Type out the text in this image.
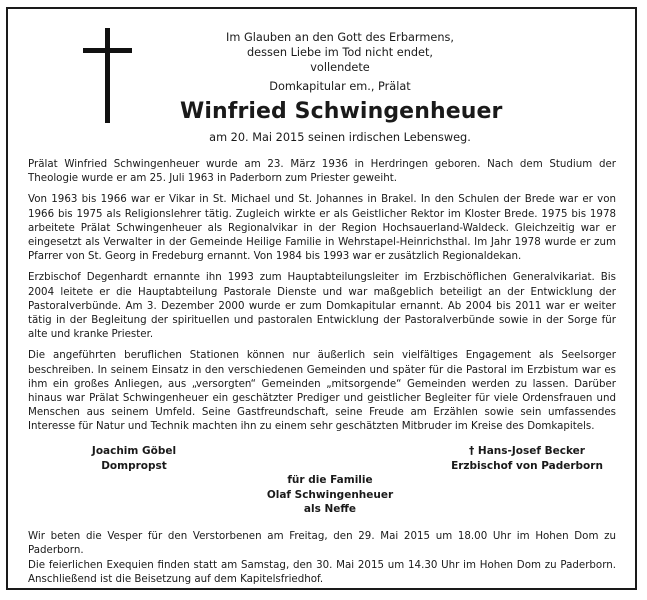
Im Glauben an den Gott des Erbarmens,
dessen Liebe im Tod nicht endet,
vollendete
Domkapitular em., Prälat
Winfried Schwingenheuer
am 20. Mai 2015 seinen irdischen Lebensweg.

Prälat Winfried Schwingenheuer wurde am 23. März 1936 in Herdringen geboren. Nach dem Studium der Theologie wurde er am 25. Juli 1963 in Paderborn zum Priester geweiht.

Von 1963 bis 1966 war er Vikar in St. Michael und St. Johannes in Brakel. In den Schulen der Brede war er von 1966 bis 1975 als Religionslehrer tätig. Zugleich wirkte er als Geistlicher Rektor im Kloster Brede. 1975 bis 1978 arbeitete Prälat Schwingenheuer als Regionalvikar in der Region Hochsauerland-Waldeck. Gleichzeitig war er eingesetzt als Verwalter in der Gemeinde Heilige Familie in Wehrstapel-Heinrichsthal. Im Jahr 1978 wurde er zum Pfarrer von St. Georg in Fredeburg ernannt. Von 1984 bis 1993 war er zusätzlich Regionaldekan.

Erzbischof Degenhardt ernannte ihn 1993 zum Hauptabteilungsleiter im Erzbischöflichen Generalvikariat. Bis 2004 leitete er die Hauptabteilung Pastorale Dienste und war maßgeblich beteiligt an der Entwicklung der Pastoralverbünde. Am 3. Dezember 2000 wurde er zum Domkapitular ernannt. Ab 2004 bis 2011 war er weiter tätig in der Begleitung der spirituellen und pastoralen Entwicklung der Pastoralverbünde sowie in der Sorge für alte und kranke Priester.

Die angeführten beruflichen Stationen können nur äußerlich sein vielfältiges Engagement als Seelsorger beschreiben. In seinem Einsatz in den verschiedenen Gemeinden und später für die Pastoral im Erzbistum war es ihm ein großes Anliegen, aus „versorgten“ Gemeinden „mitsorgende“ Gemeinden werden zu lassen. Darüber hinaus war Prälat Schwingenheuer ein geschätzter Prediger und geistlicher Begleiter für viele Ordensfrauen und Menschen aus seinem Umfeld. Seine Gastfreundschaft, seine Freude am Erzählen sowie sein umfassendes Interesse für Natur und Technik machten ihn zu einem sehr geschätzten Mitbruder im Kreise des Domkapitels.

Joachim Göbel
Dompropst
† Hans-Josef Becker
Erzbischof von Paderborn
für die Familie
Olaf Schwingenheuer
als Neffe

Wir beten die Vesper für den Verstorbenen am Freitag, den 29. Mai 2015 um 18.00 Uhr im Hohen Dom zu Paderborn.

Die feierlichen Exequien finden statt am Samstag, den 30. Mai 2015 um 14.30 Uhr im Hohen Dom zu Paderborn. Anschließend ist die Beisetzung auf dem Kapitelsfriedhof.
